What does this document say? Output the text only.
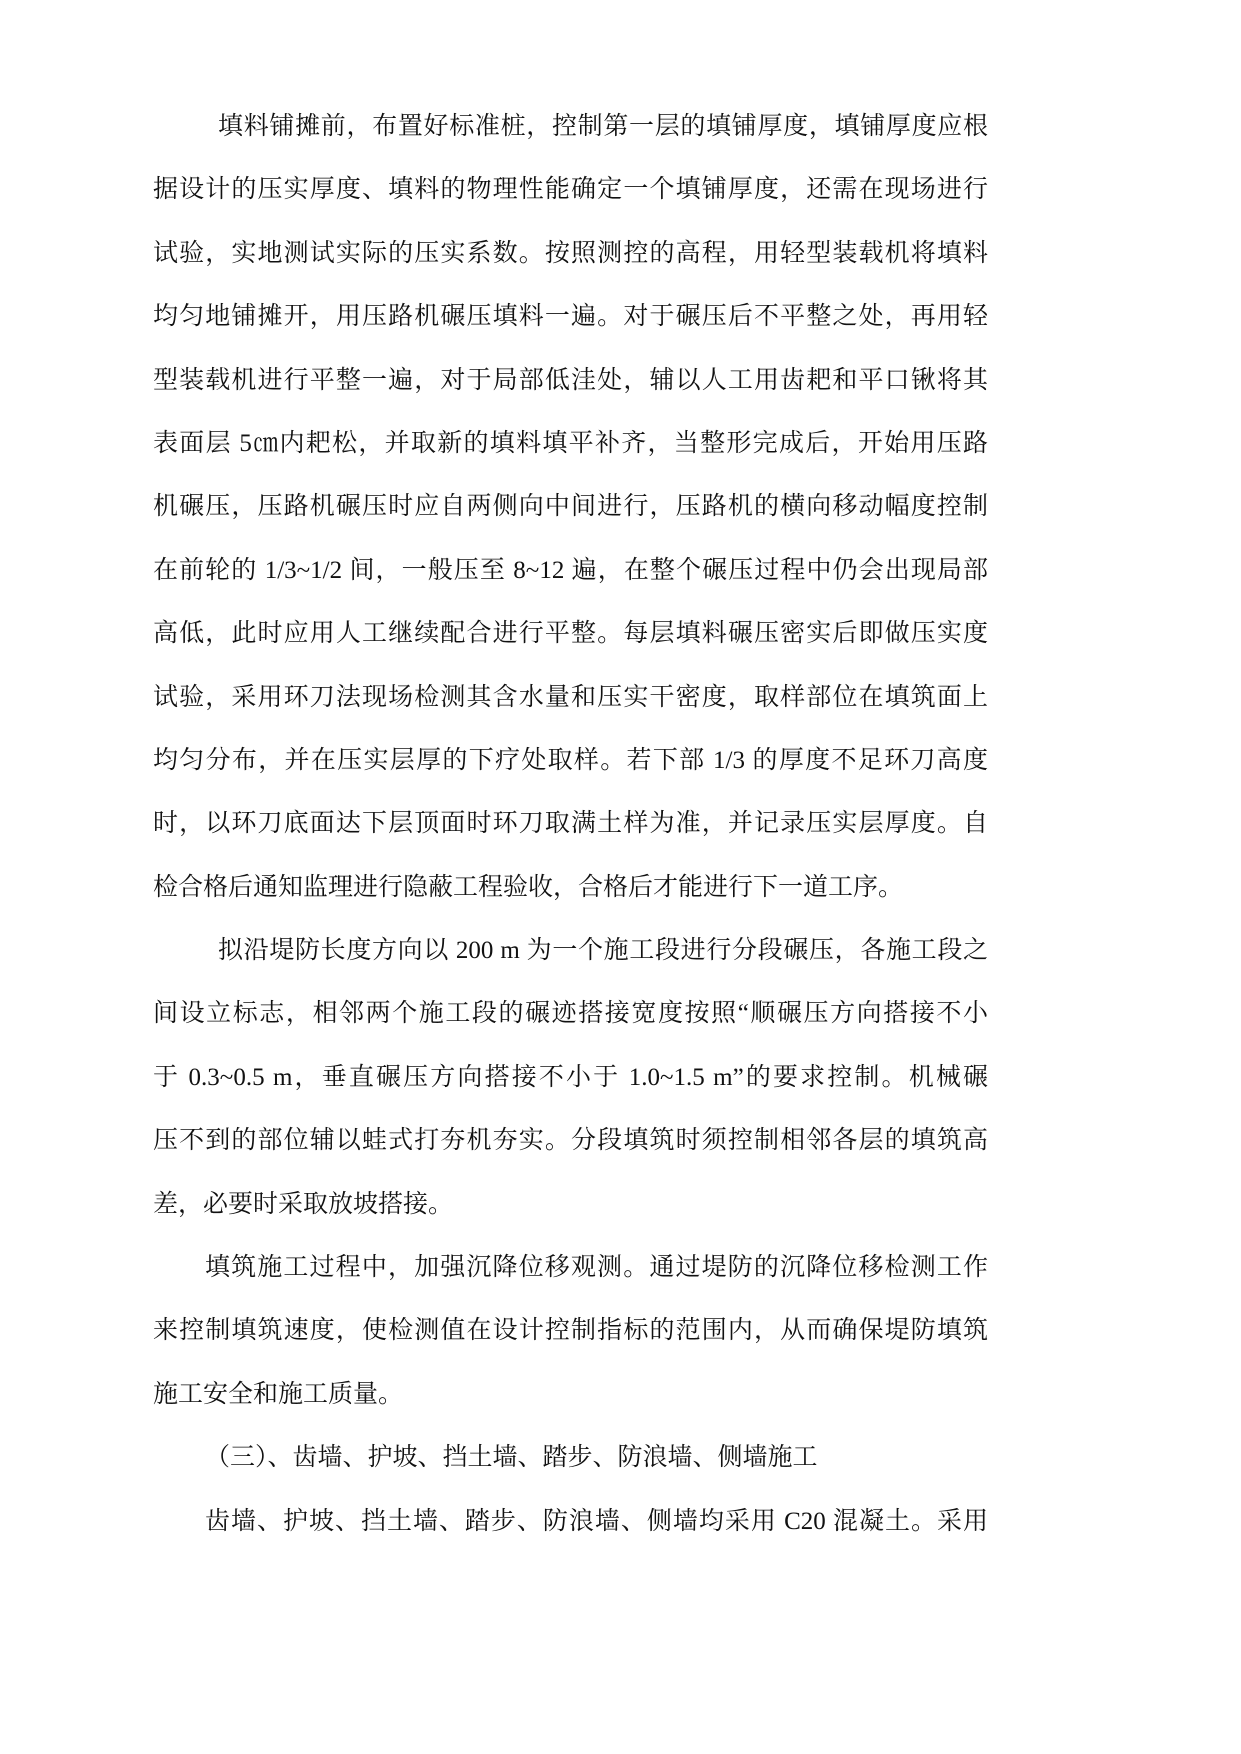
填料铺摊前，布置好标准桩，控制第一层的填铺厚度，填铺厚度应根
据设计的压实厚度、填料的物理性能确定一个填铺厚度，还需在现场进行
试验，实地测试实际的压实系数。按照测控的高程，用轻型装载机将填料
均匀地铺摊开，用压路机碾压填料一遍。对于碾压后不平整之处，再用轻
型装载机进行平整一遍，对于局部低洼处，辅以人工用齿耙和平口锹将其
表面层 5㎝内耙松，并取新的填料填平补齐，当整形完成后，开始用压路
机碾压，压路机碾压时应自两侧向中间进行，压路机的横向移动幅度控制
在前轮的 1/3~1/2 间，一般压至 8~12 遍，在整个碾压过程中仍会出现局部
高低，此时应用人工继续配合进行平整。每层填料碾压密实后即做压实度
试验，采用环刀法现场检测其含水量和压实干密度，取样部位在填筑面上
均匀分布，并在压实层厚的下疗处取样。若下部 1/3 的厚度不足环刀高度
时，以环刀底面达下层顶面时环刀取满土样为准，并记录压实层厚度。自
检合格后通知监理进行隐蔽工程验收，合格后才能进行下一道工序。
拟沿堤防长度方向以 200 m 为一个施工段进行分段碾压，各施工段之
间设立标志，相邻两个施工段的碾迹搭接宽度按照“顺碾压方向搭接不小
于 0.3~0.5 m，垂直碾压方向搭接不小于 1.0~1.5 m”的要求控制。机械碾
压不到的部位辅以蛙式打夯机夯实。分段填筑时须控制相邻各层的填筑高
差，必要时采取放坡搭接。
填筑施工过程中，加强沉降位移观测。通过堤防的沉降位移检测工作
来控制填筑速度，使检测值在设计控制指标的范围内，从而确保堤防填筑
施工安全和施工质量。
（三）、齿墙、护坡、挡土墙、踏步、防浪墙、侧墙施工
齿墙、护坡、挡土墙、踏步、防浪墙、侧墙均采用 C20 混凝土。采用
